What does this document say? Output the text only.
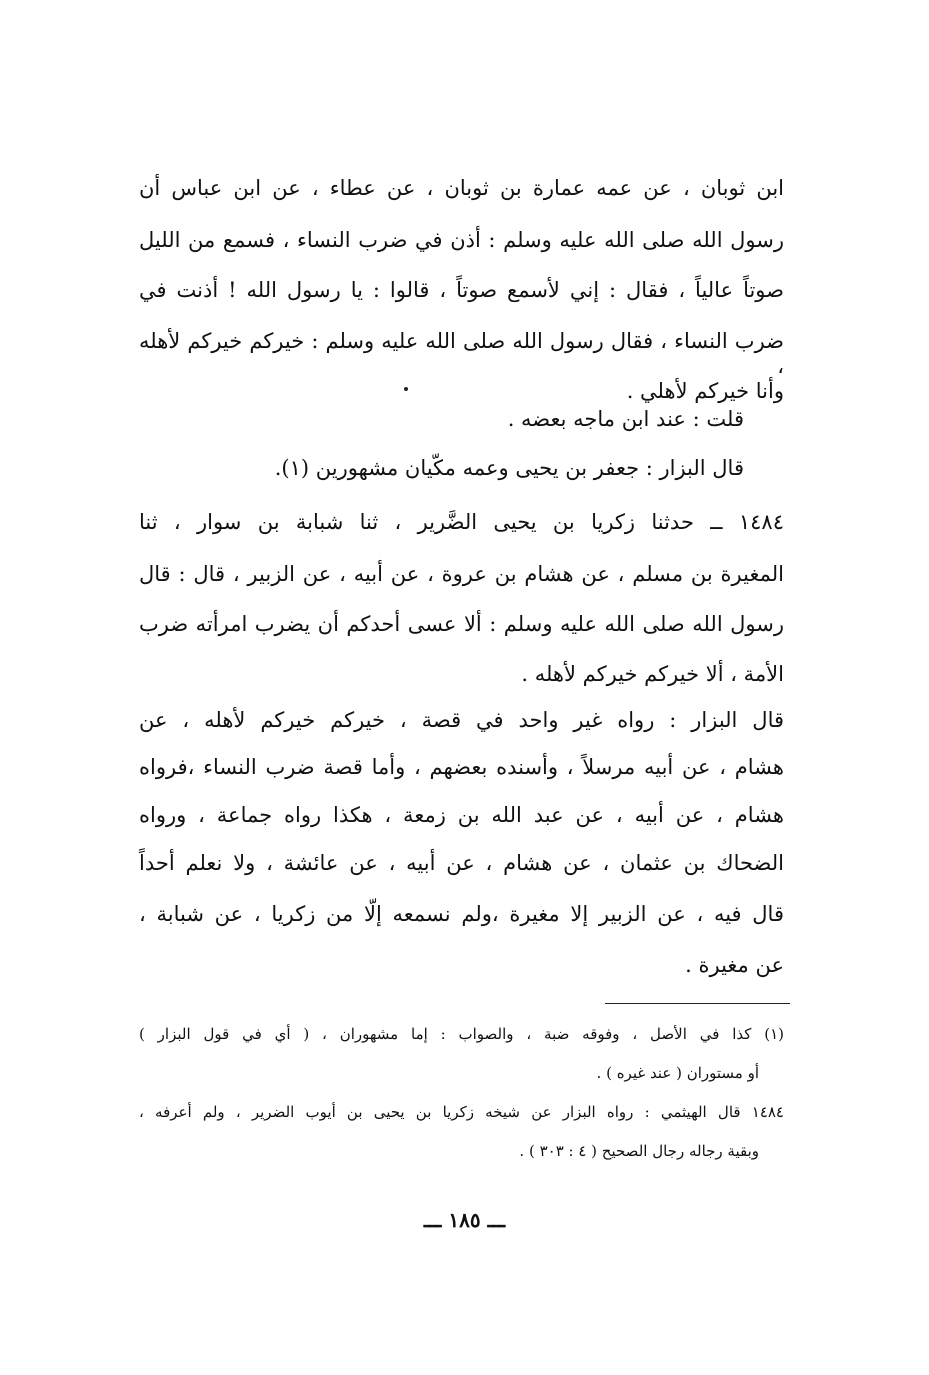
ابن ثوبان ، عن عمه عمارة بن ثوبان ، عن عطاء ، عن ابن عباس أن
رسول الله صلى الله عليه وسلم : أذن في ضرب النساء ، فسمع من الليل
صوتاً عالياً ، فقال : إني لأسمع صوتاً ، قالوا : يا رسول الله ! أذنت في
ضرب النساء ، فقال رسول الله صلى الله عليه وسلم : خيركم خيركم لأهله ،
وأنا خيركم لأهلي .
قلت : عند ابن ماجه بعضه .
قال البزار : جعفر بن يحيى وعمه مكّيان مشهورين (١).
١٤٨٤ ــ حدثنا زكريا بن يحيى الضَّرير ، ثنا شبابة بن سوار ، ثنا
المغيرة بن مسلم ، عن هشام بن عروة ، عن أبيه ، عن الزبير ، قال : قال
رسول الله صلى الله عليه وسلم : ألا عسى أحدكم أن يضرب امرأته ضرب
الأمة ، ألا خيركم خيركم لأهله .
قال البزار : رواه غير واحد في قصة ، خيركم خيركم لأهله ، عن
هشام ، عن أبيه مرسلاً ، وأسنده بعضهم ، وأما قصة ضرب النساء ،فرواه
هشام ، عن أبيه ، عن عبد الله بن زمعة ، هكذا رواه جماعة ، ورواه
الضحاك بن عثمان ، عن هشام ، عن أبيه ، عن عائشة ، ولا نعلم أحداً
قال فيه ، عن الزبير إلا مغيرة ،ولم نسمعه إلّا من زكريا ، عن شبابة ،
عن مغيرة .
(١) كذا في الأصل ، وفوقه ضبة ، والصواب : إما مشهوران ، ( أي في قول البزار )
أو مستوران ( عند غيره ) .
١٤٨٤ قال الهيثمي : رواه البزار عن شيخه زكريا بن يحيى بن أيوب الضرير ، ولم أعرفه ،
وبقية رجاله رجال الصحيح ( ٤ : ٣٠٣ ) .
ـــ ١٨٥ ـــ
